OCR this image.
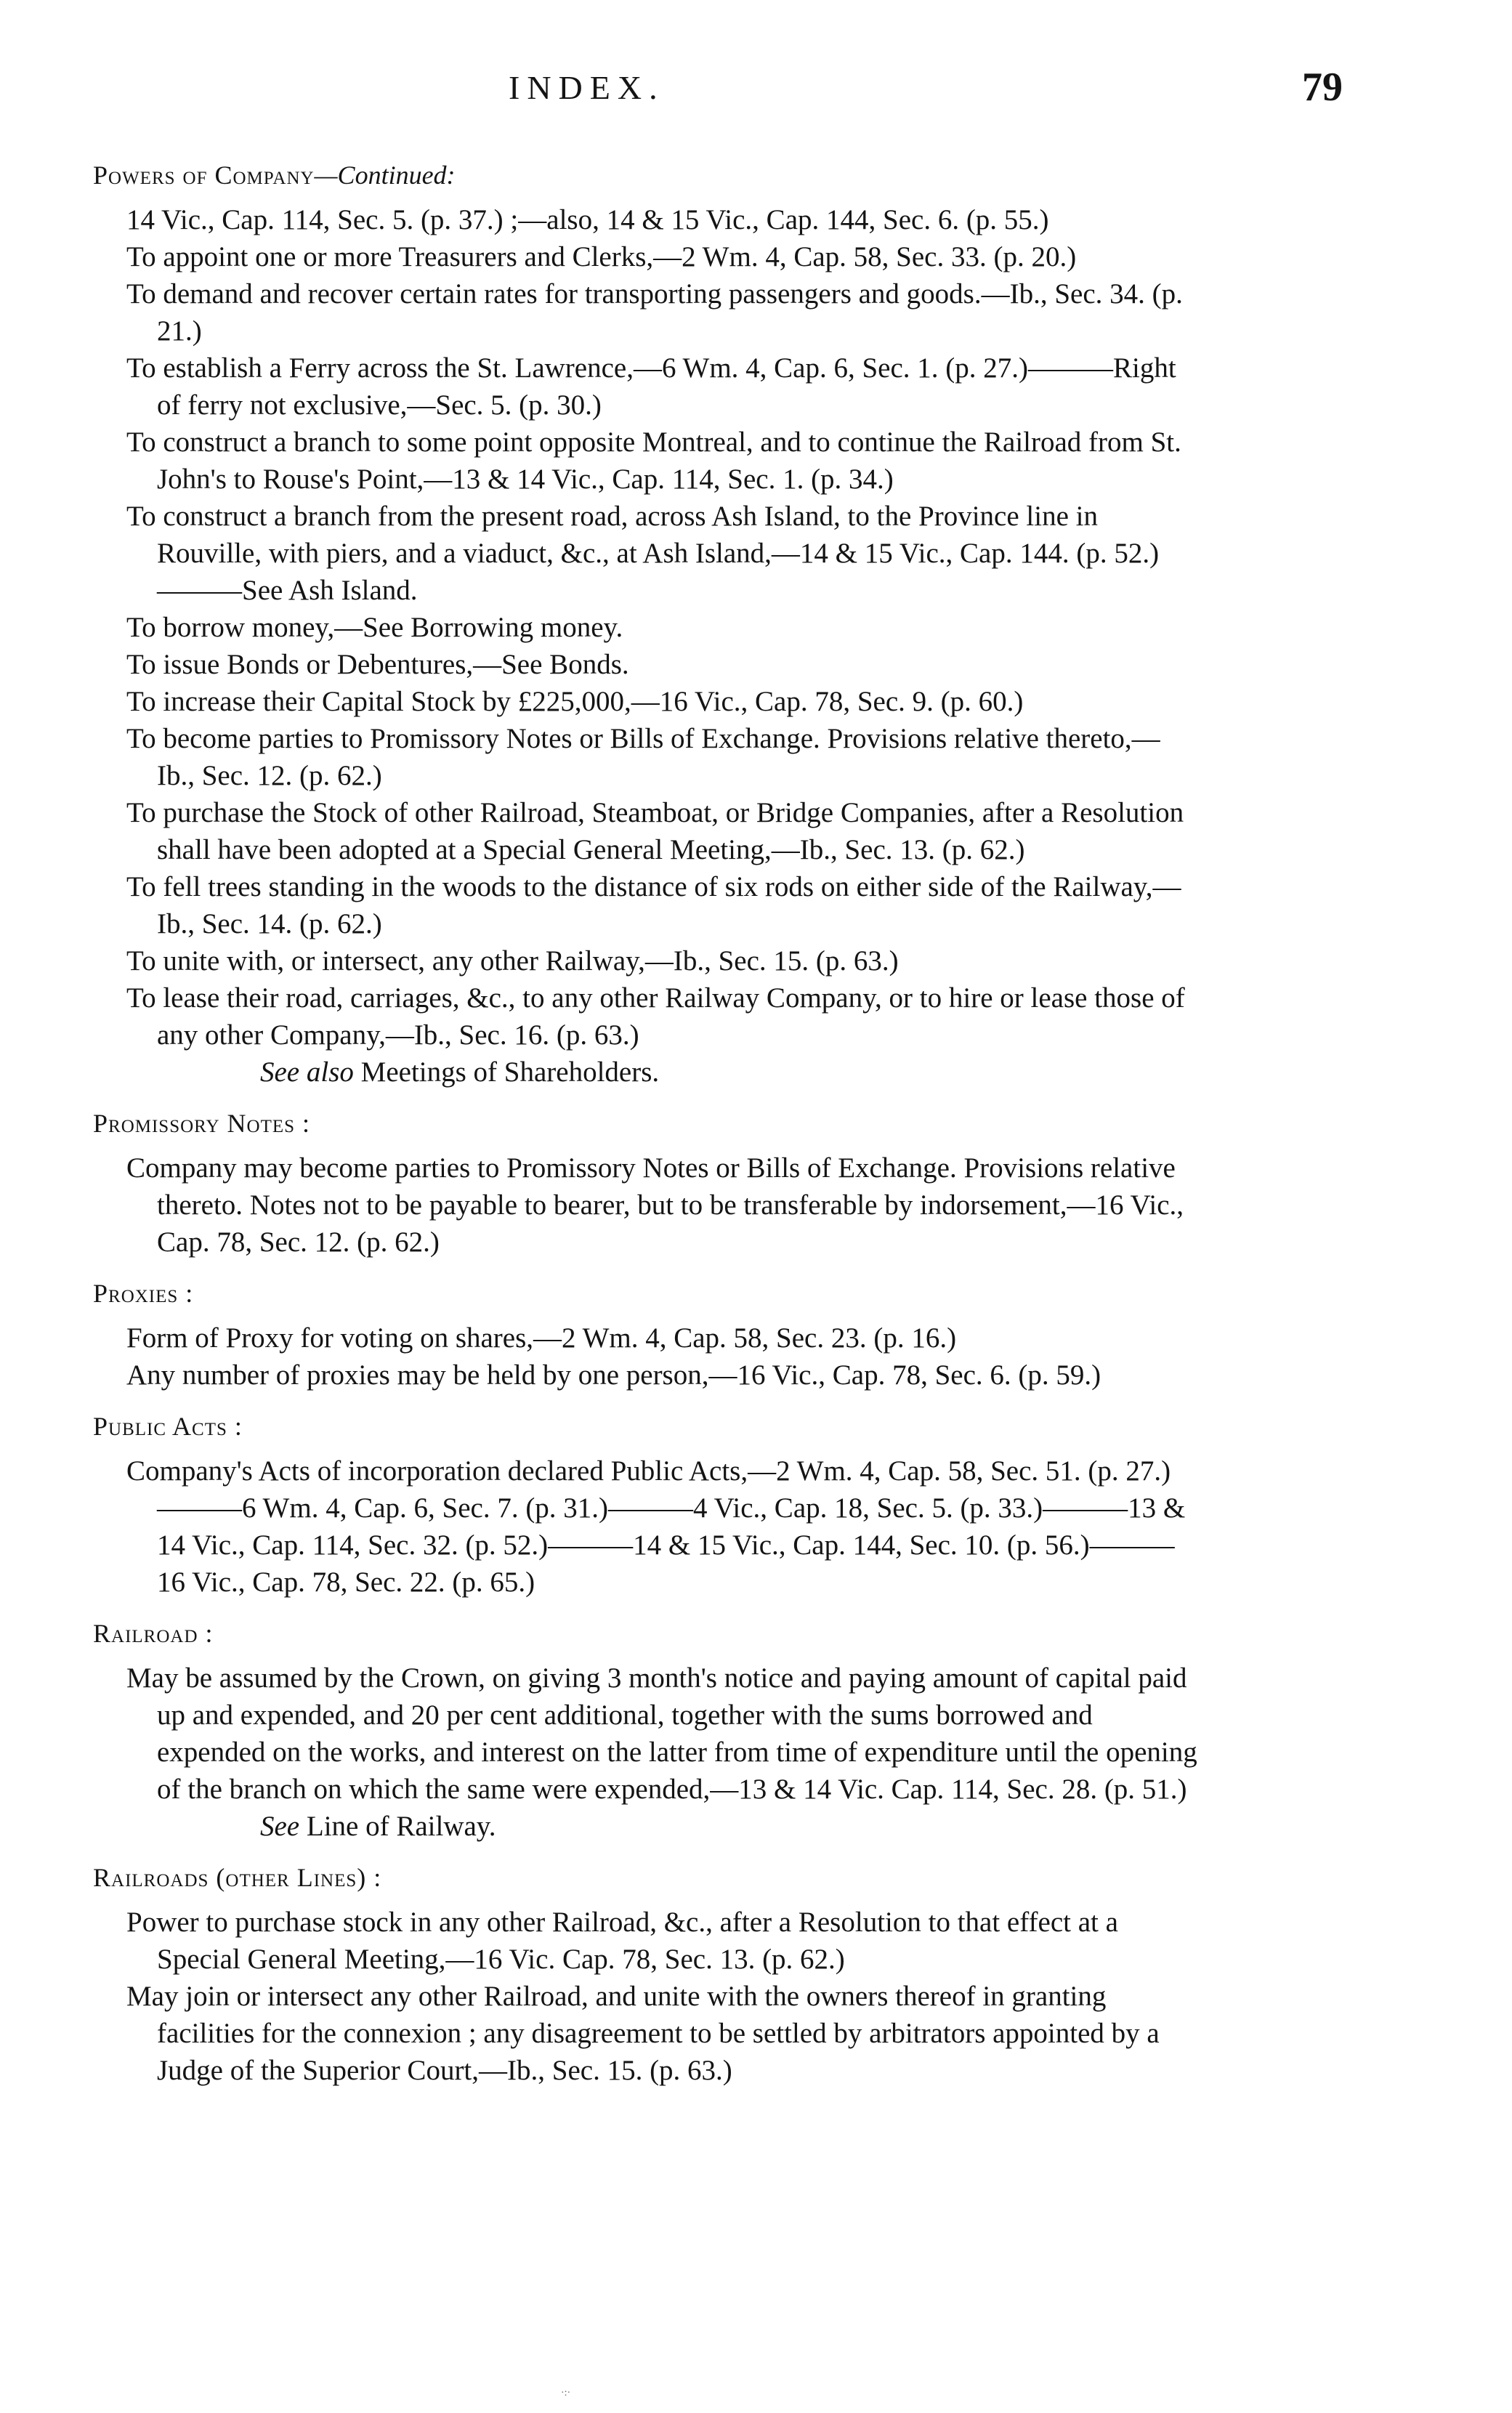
INDEX.	79
Powers of Company—Continued:
14 Vic., Cap. 114, Sec. 5. (p. 37.) ;—also, 14 & 15 Vic., Cap. 144, Sec. 6. (p. 55.)
To appoint one or more Treasurers and Clerks,—2 Wm. 4, Cap. 58, Sec. 33. (p. 20.)
To demand and recover certain rates for transporting passengers and goods.—Ib., Sec. 34. (p. 21.)
To establish a Ferry across the St. Lawrence,—6 Wm. 4, Cap. 6, Sec. 1. (p. 27.)———Right of ferry not exclusive,—Sec. 5. (p. 30.)
To construct a branch to some point opposite Montreal, and to continue the Railroad from St. John's to Rouse's Point,—13 & 14 Vic., Cap. 114, Sec. 1. (p. 34.)
To construct a branch from the present road, across Ash Island, to the Province line in Rouville, with piers, and a viaduct, &c., at Ash Island,—14 & 15 Vic., Cap. 144. (p. 52.)———See Ash Island.
To borrow money,—See Borrowing money.
To issue Bonds or Debentures,—See Bonds.
To increase their Capital Stock by £225,000,—16 Vic., Cap. 78, Sec. 9. (p. 60.)
To become parties to Promissory Notes or Bills of Exchange. Provisions relative thereto,—Ib., Sec. 12. (p. 62.)
To purchase the Stock of other Railroad, Steamboat, or Bridge Companies, after a Resolution shall have been adopted at a Special General Meeting,—Ib., Sec. 13. (p. 62.)
To fell trees standing in the woods to the distance of six rods on either side of the Railway,—Ib., Sec. 14. (p. 62.)
To unite with, or intersect, any other Railway,—Ib., Sec. 15. (p. 63.)
To lease their road, carriages, &c., to any other Railway Company, or to hire or lease those of any other Company,—Ib., Sec. 16. (p. 63.)
See also Meetings of Shareholders.
Promissory Notes :
Company may become parties to Promissory Notes or Bills of Exchange. Provisions relative thereto. Notes not to be payable to bearer, but to be transferable by indorsement,—16 Vic., Cap. 78, Sec. 12. (p. 62.)
Proxies :
Form of Proxy for voting on shares,—2 Wm. 4, Cap. 58, Sec. 23. (p. 16.)
Any number of proxies may be held by one person,—16 Vic., Cap. 78, Sec. 6. (p. 59.)
Public Acts :
Company's Acts of incorporation declared Public Acts,—2 Wm. 4, Cap. 58, Sec. 51. (p. 27.)———6 Wm. 4, Cap. 6, Sec. 7. (p. 31.)———4 Vic., Cap. 18, Sec. 5. (p. 33.)———13 & 14 Vic., Cap. 114, Sec. 32. (p. 52.)———14 & 15 Vic., Cap. 144, Sec. 10. (p. 56.)———16 Vic., Cap. 78, Sec. 22. (p. 65.)
Railroad :
May be assumed by the Crown, on giving 3 month's notice and paying amount of capital paid up and expended, and 20 per cent additional, together with the sums borrowed and expended on the works, and interest on the latter from time of expenditure until the opening of the branch on which the same were expended,—13 & 14 Vic. Cap. 114, Sec. 28. (p. 51.)
See Line of Railway.
Railroads (other Lines) :
Power to purchase stock in any other Railroad, &c., after a Resolution to that effect at a Special General Meeting,—16 Vic. Cap. 78, Sec. 13. (p. 62.)
May join or intersect any other Railroad, and unite with the owners thereof in granting facilities for the connexion ; any disagreement to be settled by arbitrators appointed by a Judge of the Superior Court,—Ib., Sec. 15. (p. 63.)
·:·
